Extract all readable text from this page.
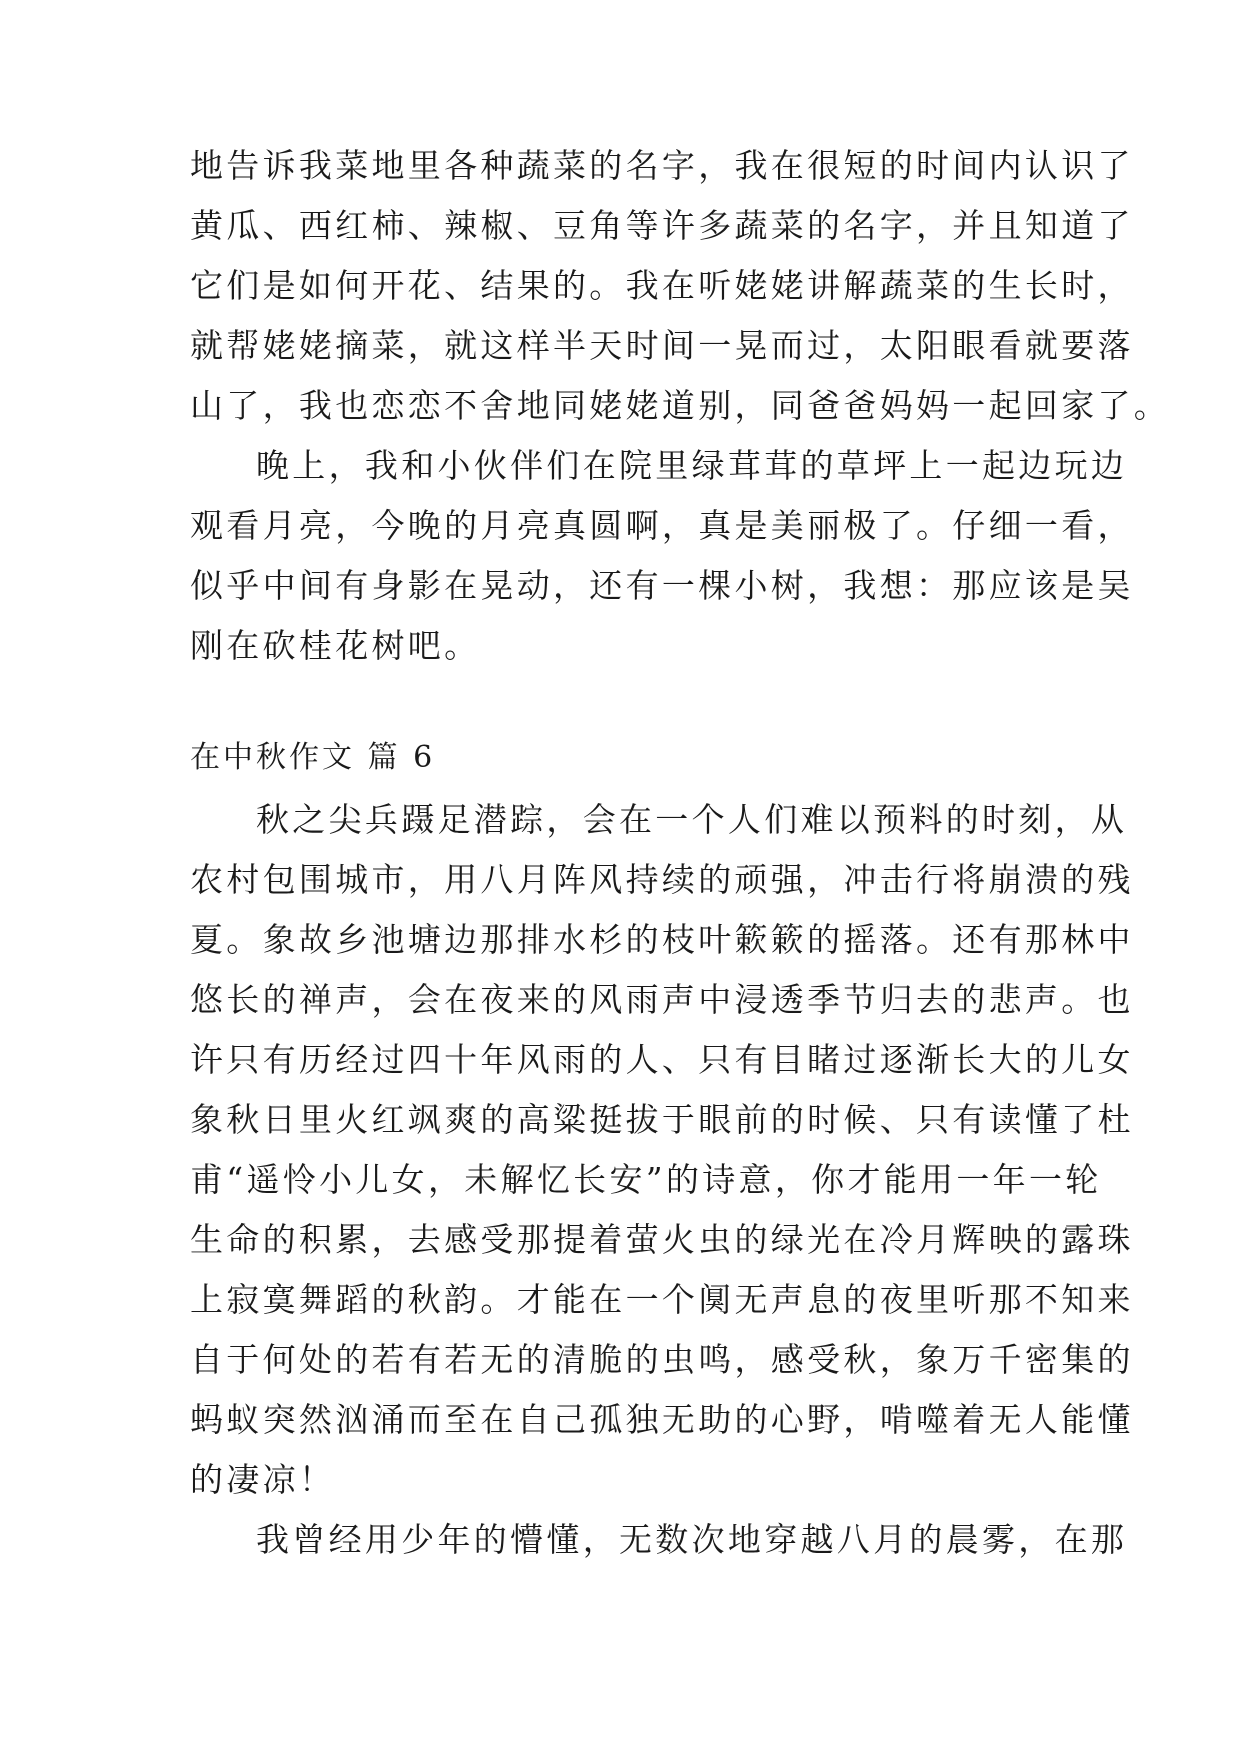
地告诉我菜地里各种蔬菜的名字，我在很短的时间内认识了
黄瓜、西红柿、辣椒、豆角等许多蔬菜的名字，并且知道了
它们是如何开花、结果的。我在听姥姥讲解蔬菜的生长时，
就帮姥姥摘菜，就这样半天时间一晃而过，太阳眼看就要落
山了，我也恋恋不舍地同姥姥道别，同爸爸妈妈一起回家了。
晚上，我和小伙伴们在院里绿茸茸的草坪上一起边玩边
观看月亮，今晚的月亮真圆啊，真是美丽极了。仔细一看，
似乎中间有身影在晃动，还有一棵小树，我想：那应该是吴
刚在砍桂花树吧。
在中秋作文 篇 6
秋之尖兵蹑足潜踪，会在一个人们难以预料的时刻，从
农村包围城市，用八月阵风持续的顽强，冲击行将崩溃的残
夏。象故乡池塘边那排水杉的枝叶簌簌的摇落。还有那林中
悠长的禅声，会在夜来的风雨声中浸透季节归去的悲声。也
许只有历经过四十年风雨的人、只有目睹过逐渐长大的儿女
象秋日里火红飒爽的高粱挺拔于眼前的时候、只有读懂了杜
甫“遥怜小儿女，未解忆长安”的诗意，你才能用一年一轮
生命的积累，去感受那提着萤火虫的绿光在冷月辉映的露珠
上寂寞舞蹈的秋韵。才能在一个阒无声息的夜里听那不知来
自于何处的若有若无的清脆的虫鸣，感受秋，象万千密集的
蚂蚁突然汹涌而至在自己孤独无助的心野，啃噬着无人能懂
的凄凉！
我曾经用少年的懵懂，无数次地穿越八月的晨雾，在那
